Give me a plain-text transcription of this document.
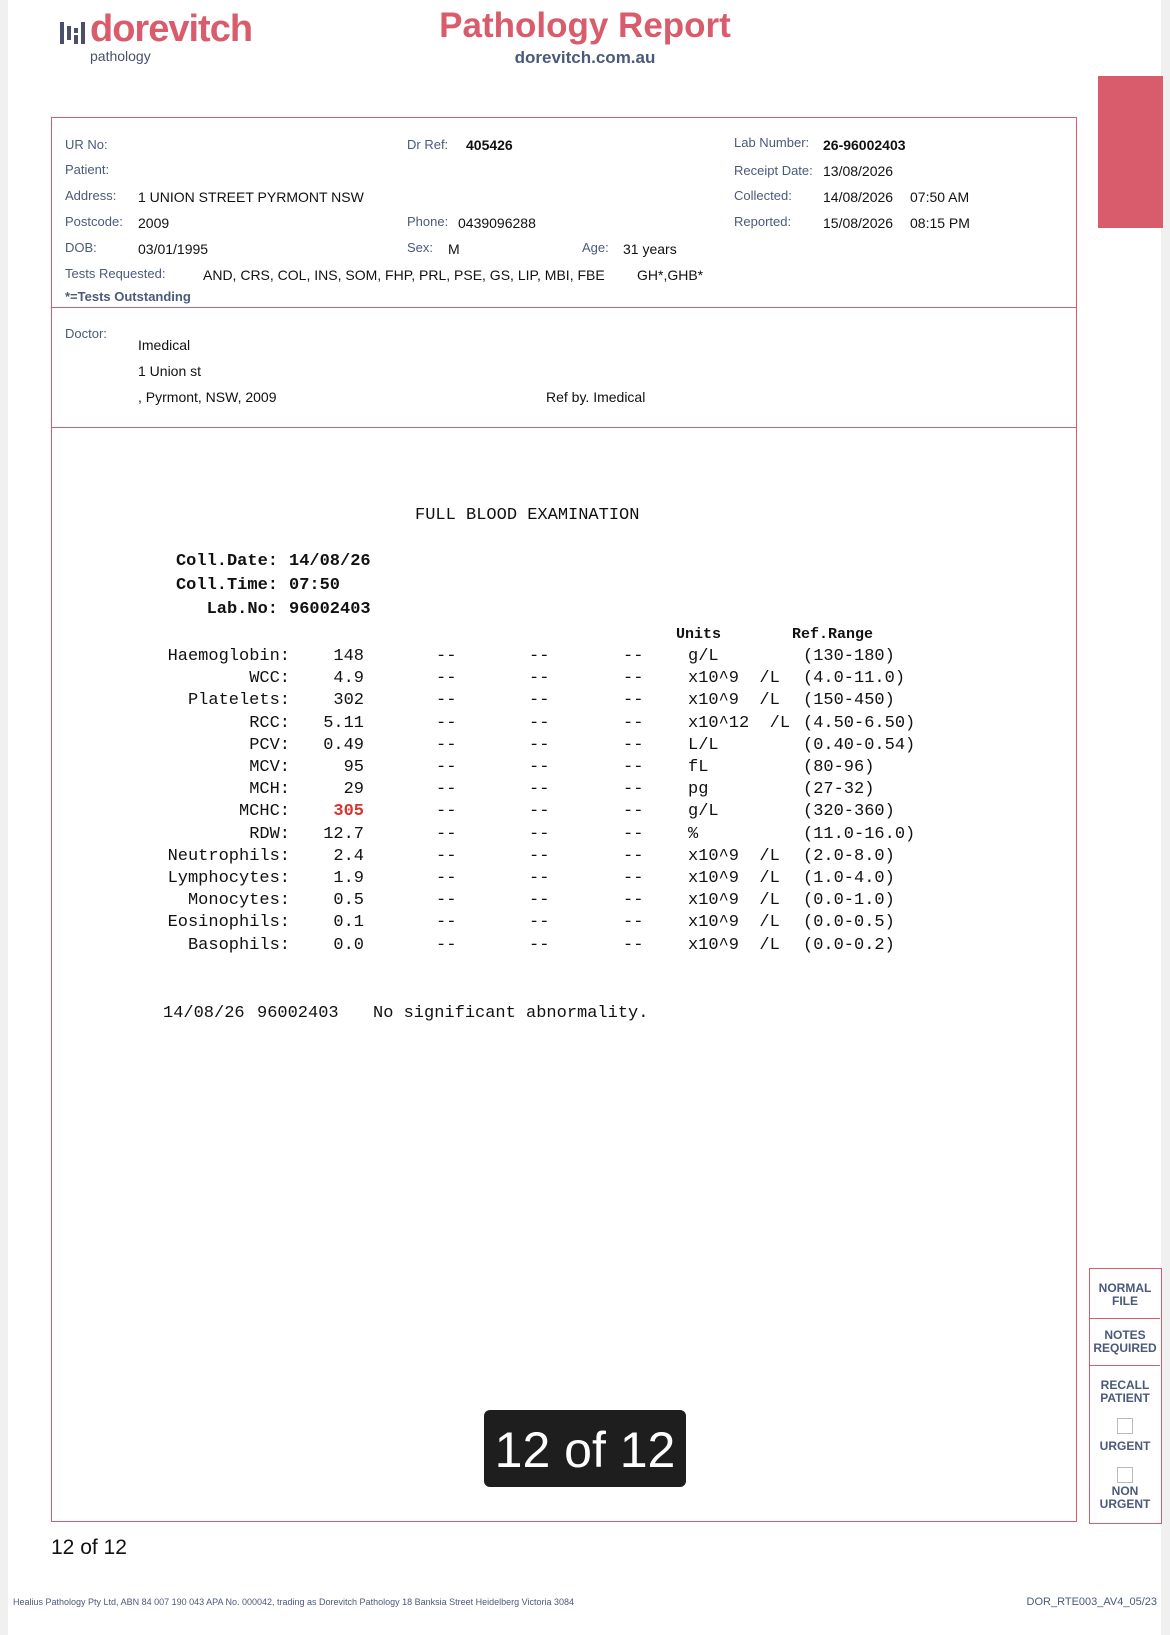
dorevitch
pathology
Pathology Report
dorevitch.com.au
UR No:	Dr Ref: 405426	Lab Number: 26-96002403
Patient:	Receipt Date: 13/08/2026
Address: 1 UNION STREET PYRMONT NSW	Collected: 14/08/2026 07:50 AM
Postcode: 2009	Phone: 0439096288	Reported: 15/08/2026 08:15 PM
DOB:	03/01/1995	Sex: M	Age: 31 years
Tests Requested:	AND, CRS, COL, INS, SOM, FHP, PRL, PSE, GS, LIP, MBI, FBE GH*,GHB*
*=Tests Outstanding
Doctor:
Imedical
1 Union st
, Pyrmont, NSW, 2009	Ref by. Imedical
FULL BLOOD EXAMINATION
Coll.Date: 14/08/26
Coll.Time: 07:50
Lab.No: 96002403
Units	Ref.Range
Haemoglobin:	148	--	--	--	g/L	(130-180)
WCC:	4.9	--	--	--	x10^9  /L (4.0-11.0)
Platelets:	302	--	--	--	x10^9  /L (150-450)
RCC:	5.11	--	--	--	x10^12  /L (4.50-6.50)
PCV:	0.49	--	--	--	L/L	(0.40-0.54)
MCV:	95	--	--	--	fL	(80-96)
MCH:	29	--	--	--	pg	(27-32)
MCHC:	305	--	--	--	g/L	(320-360)
RDW:	12.7	--	--	--	%	(11.0-16.0)
Neutrophils:	2.4	--	--	--	x10^9  /L (2.0-8.0)
Lymphocytes:	1.9	--	--	--	x10^9  /L (1.0-4.0)
Monocytes:	0.5	--	--	--	x10^9  /L (0.0-1.0)
Eosinophils:	0.1	--	--	--	x10^9  /L (0.0-0.5)
Basophils:	0.0	--	--	--	x10^9  /L (0.0-0.2)
14/08/26 96002403 No significant abnormality.
NORMAL FILE
NOTES REQUIRED
RECALL PATIENT
URGENT
NON URGENT
12 of 12
12 of 12
Healius Pathology Pty Ltd, ABN 84 007 190 043 APA No. 000042, trading as Dorevitch Pathology 18 Banksia Street Heidelberg Victoria 3084	DOR_RTE003_AV4_05/23
